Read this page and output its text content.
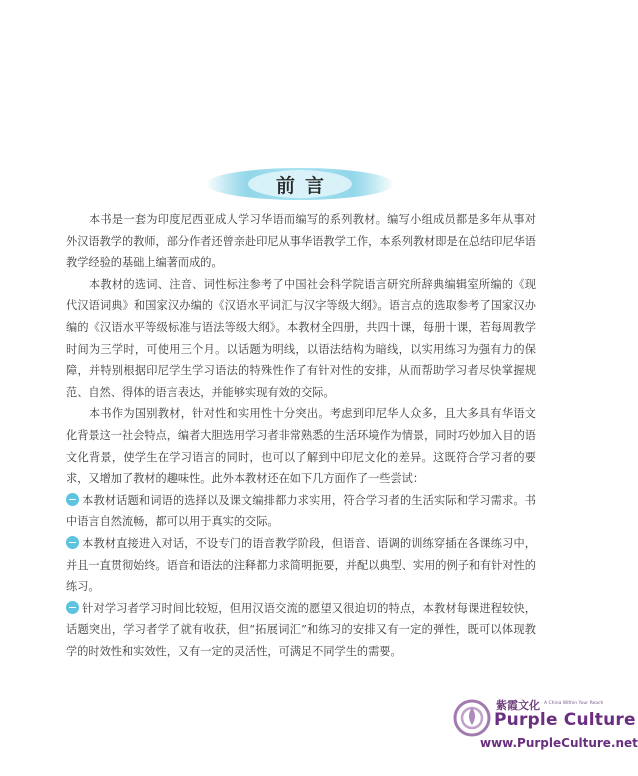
前言

本书是一套为印度尼西亚成人学习华语而编写的系列教材。编写小组成员都是多年从事对外汉语教学的教师，部分作者还曾亲赴印尼从事华语教学工作，本系列教材即是在总结印尼华语教学经验的基础上编著而成的。

本教材的选词、注音、词性标注参考了中国社会科学院语言研究所辞典编辑室所编的《现代汉语词典》和国家汉办编的《汉语水平词汇与汉字等级大纲》。语言点的选取参考了国家汉办编的《汉语水平等级标准与语法等级大纲》。本教材全四册，共四十课，每册十课，若每周教学时间为三学时，可使用三个月。以话题为明线，以语法结构为暗线，以实用练习为强有力的保障，并特别根据印尼学生学习语法的特殊性作了有针对性的安排，从而帮助学习者尽快掌握规范、自然、得体的语言表达，并能够实现有效的交际。

本书作为国别教材，针对性和实用性十分突出。考虑到印尼华人众多，且大多具有华语文化背景这一社会特点，编者大胆选用学习者非常熟悉的生活环境作为情景，同时巧妙加入目的语文化背景，使学生在学习语言的同时，也可以了解到中印尼文化的差异。这既符合学习者的要求，又增加了教材的趣味性。此外本教材还在如下几方面作了一些尝试：

本教材话题和词语的选择以及课文编排都力求实用，符合学习者的生活实际和学习需求。书中语言自然流畅，都可以用于真实的交际。

本教材直接进入对话，不设专门的语音教学阶段，但语音、语调的训练穿插在各课练习中，并且一直贯彻始终。语音和语法的注释都力求简明扼要，并配以典型、实用的例子和有针对性的练习。

针对学习者学习时间比较短，但用汉语交流的愿望又很迫切的特点，本教材每课进程较快，话题突出，学习者学了就有收获，但“拓展词汇”和练习的安排又有一定的弹性，既可以体现教学的时效性和实效性，又有一定的灵活性，可满足不同学生的需要。

紫霞文化 A China Within Your Reach
Purple Culture
www.PurpleCulture.net
